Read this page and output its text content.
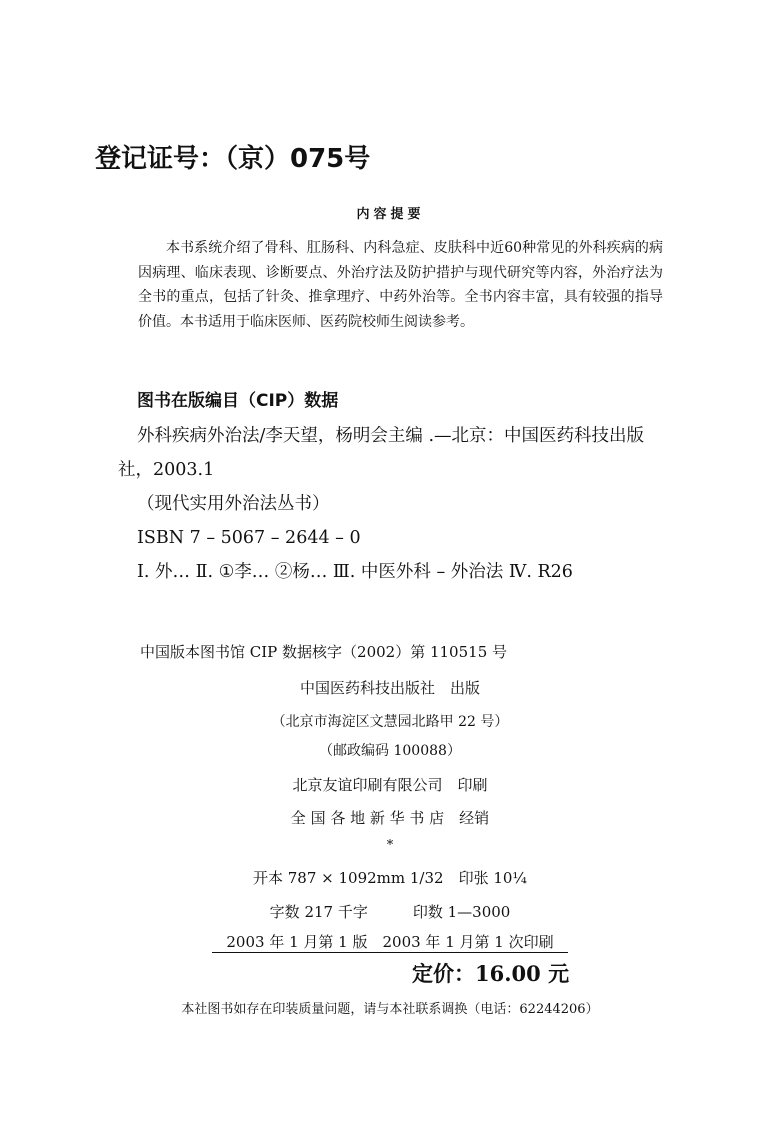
登记证号：（京）075号
内容提要
本书系统介绍了骨科、肛肠科、内科急症、皮肤科中近60种常见的外科疾病的病因病理、临床表现、诊断要点、外治疗法及防护措护与现代研究等内容，外治疗法为全书的重点，包括了针灸、推拿理疗、中药外治等。全书内容丰富，具有较强的指导价值。本书适用于临床医师、医药院校师生阅读参考。
图书在版编目（CIP）数据

外科疾病外治法/李天望，杨明会主编 .—北京：中国医药科技出版社，2003.1

（现代实用外治法丛书）

ISBN 7 – 5067 – 2644 – 0

Ⅰ. 外… Ⅱ. ①李… ②杨… Ⅲ. 中医外科 – 外治法 Ⅳ. R26

中国版本图书馆 CIP 数据核字（2002）第 110515 号
中国医药科技出版社　出版
（北京市海淀区文慧园北路甲 22 号）
（邮政编码 100088）
北京友谊印刷有限公司　印刷
全 国 各 地 新 华 书 店　经销
*
开本 787 × 1092mm 1/32　印张 10¼
字数 217 千字　　　印数 1—3000
2003 年 1 月第 1 版　2003 年 1 月第 1 次印刷
定价：16.00 元
本社图书如存在印装质量问题，请与本社联系调换（电话：62244206）
